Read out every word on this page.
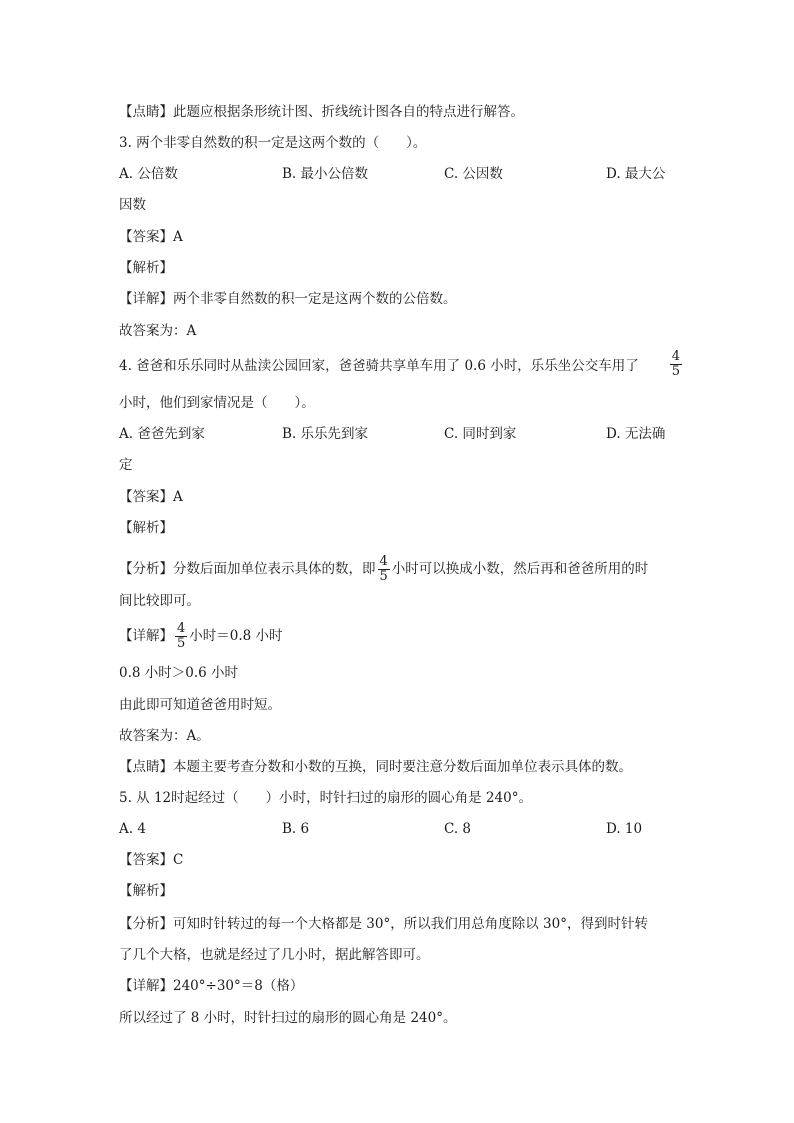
【点睛】此题应根据条形统计图、折线统计图各自的特点进行解答。
3. 两个非零自然数的积一定是这两个数的（　　）。
A. 公倍数	B. 最小公倍数	C. 公因数	D. 最大公
因数
【答案】A
【解析】
【详解】两个非零自然数的积一定是这两个数的公倍数。
故答案为：A
4. 爸爸和乐乐同时从盐渎公园回家，爸爸骑共享单车用了 0.6 小时，乐乐坐公交车用了	$\frac{4}{5}$
小时，他们到家情况是（　　）。
A. 爸爸先到家	B. 乐乐先到家	C. 同时到家	D. 无法确
定
【答案】A
【解析】
【分析】分数后面加单位表示具体的数，即 $\frac{4}{5}$ 小时可以换成小数，然后再和爸爸所用的时
间比较即可。
【详解】 $\frac{4}{5}$ 小时＝0.8 小时
0.8 小时＞0.6 小时
由此即可知道爸爸用时短。
故答案为：A。
【点睛】本题主要考查分数和小数的互换，同时要注意分数后面加单位表示具体的数。
5. 从 12时起经过（　　）小时，时针扫过的扇形的圆心角是 240°。
A. 4	B. 6	C. 8	D. 10
【答案】C
【解析】
【分析】可知时针转过的每一个大格都是 30°，所以我们用总角度除以 30°，得到时针转
了几个大格，也就是经过了几小时，据此解答即可。
【详解】240°÷30°＝8（格）
所以经过了 8 小时，时针扫过的扇形的圆心角是 240°。
